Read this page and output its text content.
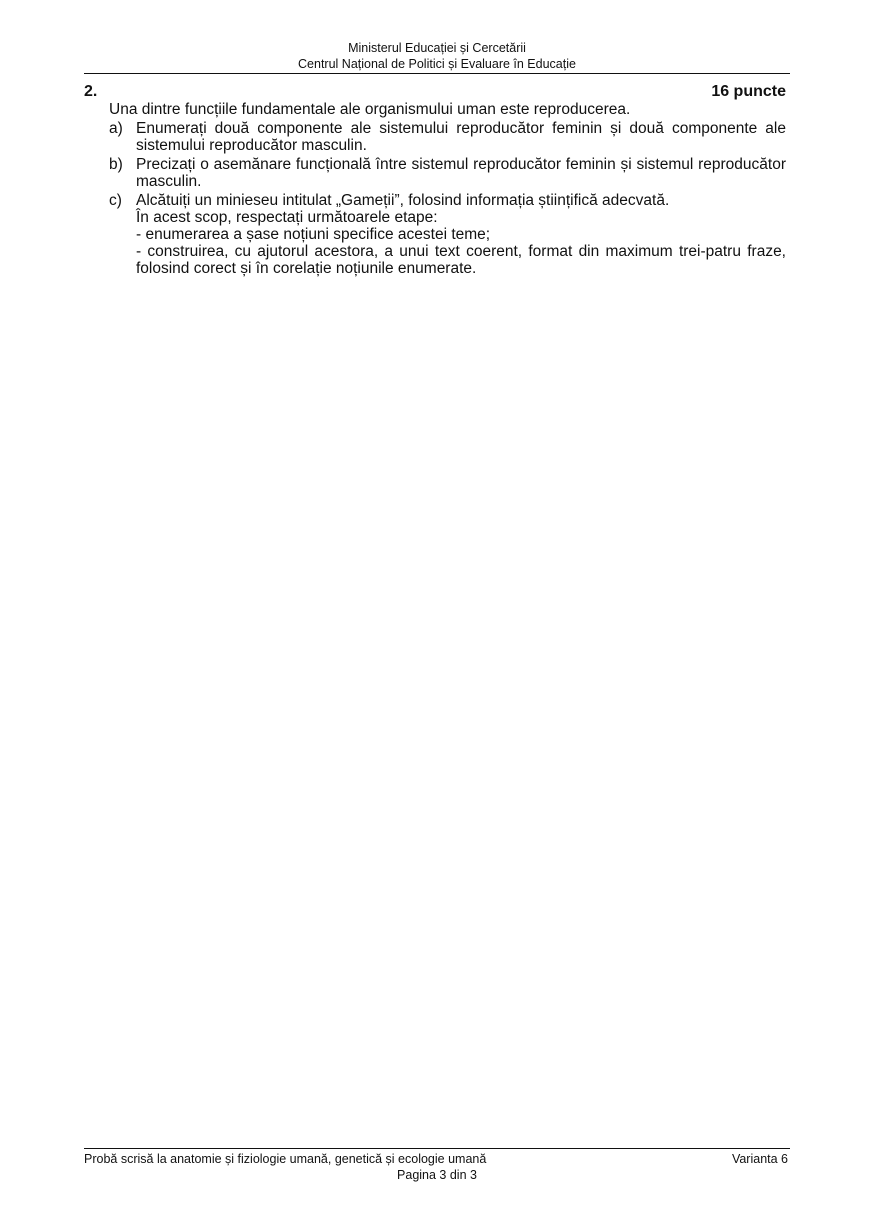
Ministerul Educației și Cercetării
Centrul Național de Politici și Evaluare în Educație
2.	16 puncte
Una dintre funcțiile fundamentale ale organismului uman este reproducerea.
a) Enumerați două componente ale sistemului reproducător feminin și două componente ale sistemului reproducător masculin.
b) Precizați o asemănare funcțională între sistemul reproducător feminin și sistemul reproducător masculin.
c) Alcătuiți un minieseu intitulat „Gameții”, folosind informația științifică adecvată.
În acest scop, respectați următoarele etape:
- enumerarea a șase noțiuni specifice acestei teme;
- construirea, cu ajutorul acestora, a unui text coerent, format din maximum trei-patru fraze, folosind corect și în corelație noțiunile enumerate.
Probă scrisă la anatomie și fiziologie umană, genetică și ecologie umană	Varianta 6
Pagina 3 din 3
